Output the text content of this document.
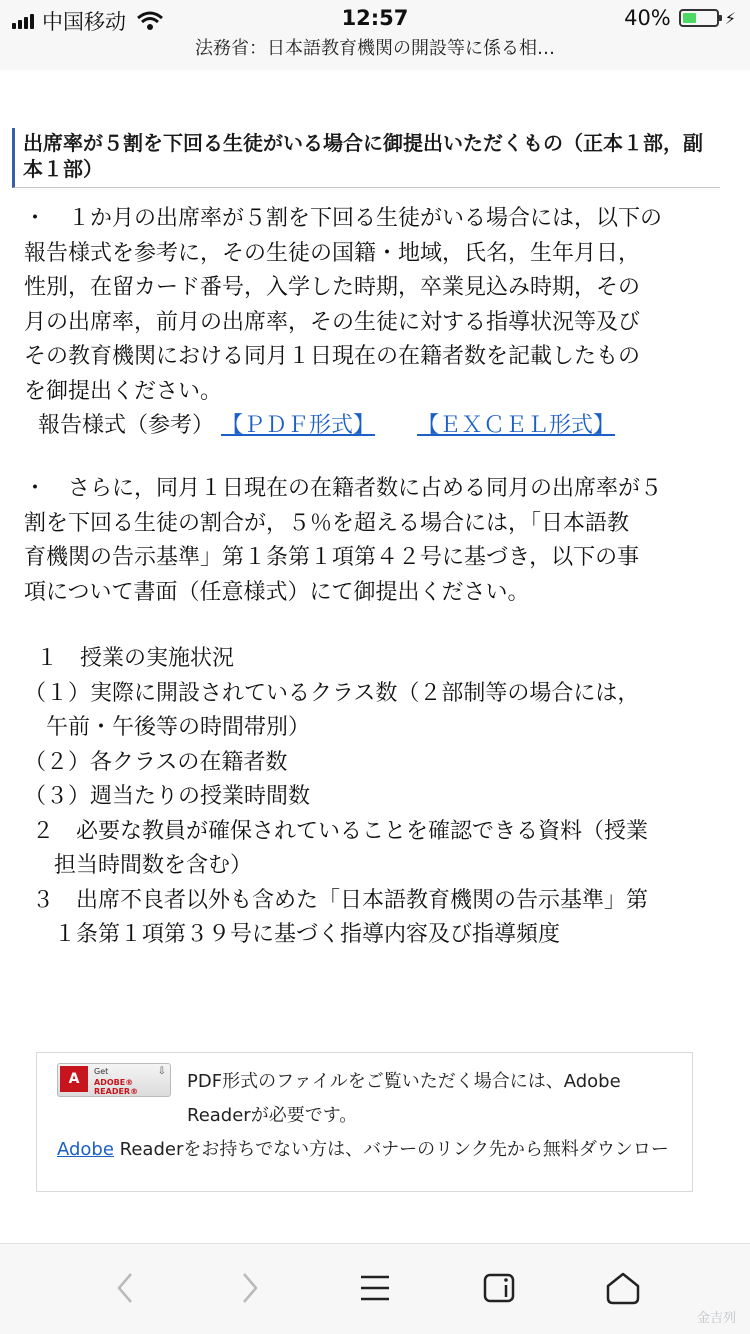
中国移动	12:57	40%	⚡
法務省：日本語教育機関の開設等に係る相…
出席率が５割を下回る生徒がいる場合に御提出いただくもの（正本１部，副本１部）

・　１か月の出席率が５割を下回る生徒がいる場合には，以下の

報告様式を参考に，その生徒の国籍・地域，氏名，生年月日，

性別，在留カード番号，入学した時期，卒業見込み時期，その

月の出席率，前月の出席率，その生徒に対する指導状況等及び

その教育機関における同月１日現在の在籍者数を記載したもの

を御提出ください。

報告様式（参考） 【ＰＤＦ形式】 【ＥＸＣＥＬ形式】

・　さらに，同月１日現在の在籍者数に占める同月の出席率が５

割を下回る生徒の割合が，５％を超える場合には，「日本語教

育機関の告示基準」第１条第１項第４２号に基づき，以下の事

項について書面（任意様式）にて御提出ください。

１　授業の実施状況
（１）実際に開設されているクラス数（２部制等の場合には，
　午前・午後等の時間帯別）
（２）各クラスの在籍者数
（３）週当たりの授業時間数
２　必要な教員が確保されていることを確認できる資料（授業
　担当時間数を含む）
３　出席不良者以外も含めた「日本語教育機関の告示基準」第
　１条第１項第３９号に基づく指導内容及び指導頻度
A	Get
ADOBE® READER®
⇩ PDF形式のファイルをご覧いただく場合には、Adobe
Readerが必要です。
Adobe Readerをお持ちでない方は、バナーのリンク先から無料ダウンロー
金吉列
